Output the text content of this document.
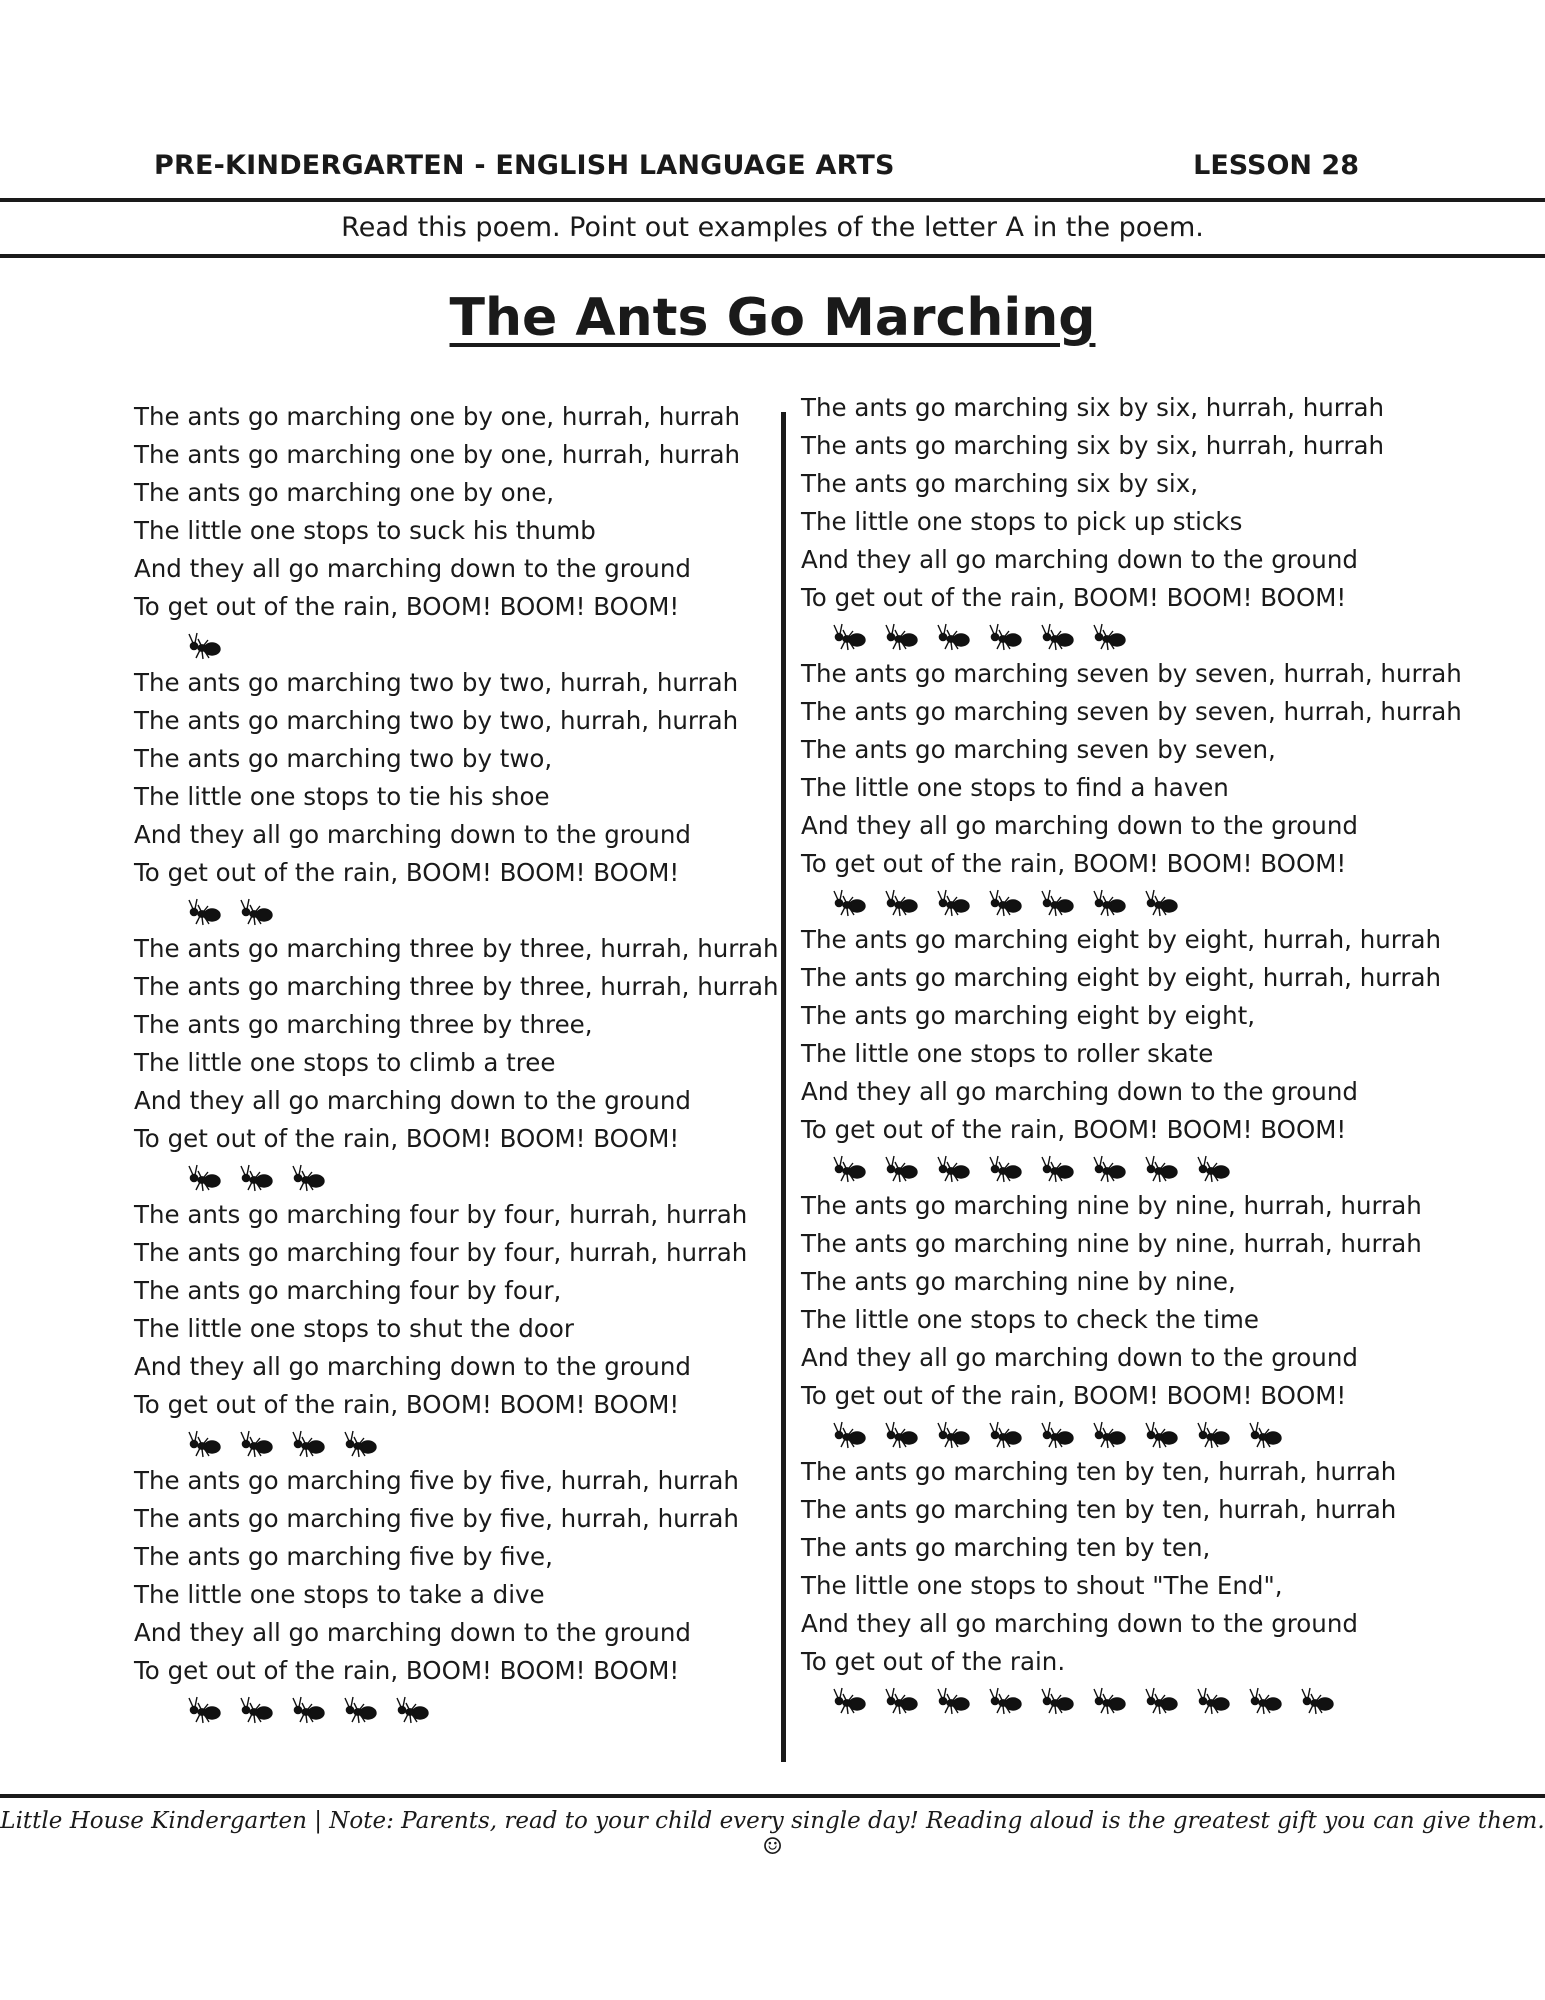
PRE-KINDERGARTEN - ENGLISH LANGUAGE ARTS	LESSON 28
Read this poem. Point out examples of the letter A in the poem.
The Ants Go Marching
The ants go marching one by one, hurrah, hurrah
The ants go marching one by one, hurrah, hurrah
The ants go marching one by one,
The little one stops to suck his thumb
And they all go marching down to the ground
To get out of the rain, BOOM! BOOM! BOOM!
The ants go marching two by two, hurrah, hurrah
The ants go marching two by two, hurrah, hurrah
The ants go marching two by two,
The little one stops to tie his shoe
And they all go marching down to the ground
To get out of the rain, BOOM! BOOM! BOOM!
The ants go marching three by three, hurrah, hurrah
The ants go marching three by three, hurrah, hurrah
The ants go marching three by three,
The little one stops to climb a tree
And they all go marching down to the ground
To get out of the rain, BOOM! BOOM! BOOM!
The ants go marching four by four, hurrah, hurrah
The ants go marching four by four, hurrah, hurrah
The ants go marching four by four,
The little one stops to shut the door
And they all go marching down to the ground
To get out of the rain, BOOM! BOOM! BOOM!
The ants go marching five by five, hurrah, hurrah
The ants go marching five by five, hurrah, hurrah
The ants go marching five by five,
The little one stops to take a dive
And they all go marching down to the ground
To get out of the rain, BOOM! BOOM! BOOM!
The ants go marching six by six, hurrah, hurrah
The ants go marching six by six, hurrah, hurrah
The ants go marching six by six,
The little one stops to pick up sticks
And they all go marching down to the ground
To get out of the rain, BOOM! BOOM! BOOM!
The ants go marching seven by seven, hurrah, hurrah
The ants go marching seven by seven, hurrah, hurrah
The ants go marching seven by seven,
The little one stops to find a haven
And they all go marching down to the ground
To get out of the rain, BOOM! BOOM! BOOM!
The ants go marching eight by eight, hurrah, hurrah
The ants go marching eight by eight, hurrah, hurrah
The ants go marching eight by eight,
The little one stops to roller skate
And they all go marching down to the ground
To get out of the rain, BOOM! BOOM! BOOM!
The ants go marching nine by nine, hurrah, hurrah
The ants go marching nine by nine, hurrah, hurrah
The ants go marching nine by nine,
The little one stops to check the time
And they all go marching down to the ground
To get out of the rain, BOOM! BOOM! BOOM!
The ants go marching ten by ten, hurrah, hurrah
The ants go marching ten by ten, hurrah, hurrah
The ants go marching ten by ten,
The little one stops to shout "The End",
And they all go marching down to the ground
To get out of the rain.
Little House Kindergarten | Note: Parents, read to your child every single day! Reading aloud is the greatest gift you can give them. ☺
